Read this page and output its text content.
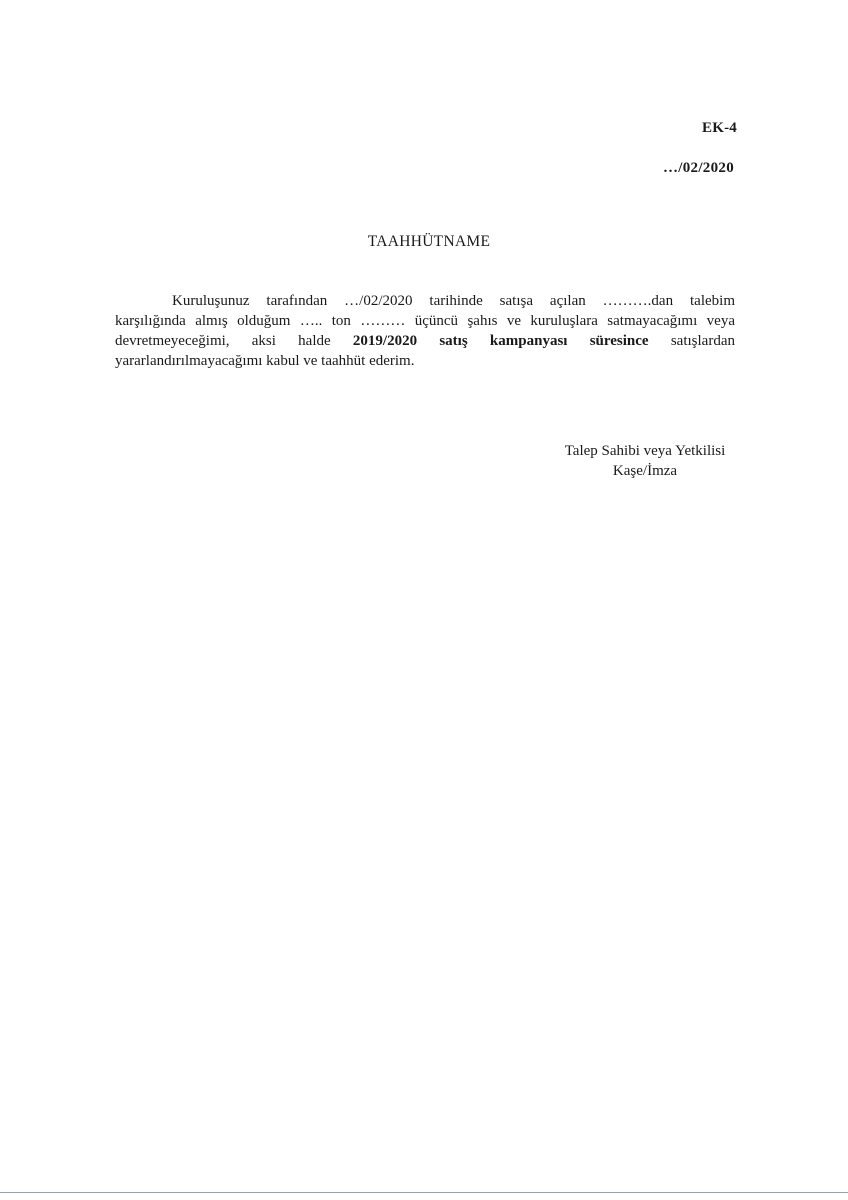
EK-4
…/02/2020
TAAHHÜTNAME
Kuruluşunuz tarafından …/02/2020 tarihinde satışa açılan ……….dan talebim
karşılığında almış olduğum ….. ton ……… üçüncü şahıs ve kuruluşlara satmayacağımı veya
devretmeyeceğimi, aksi halde 2019/2020 satış kampanyası süresince satışlardan
yararlandırılmayacağımı kabul ve taahhüt ederim.
Talep Sahibi veya Yetkilisi
Kaşe/İmza
